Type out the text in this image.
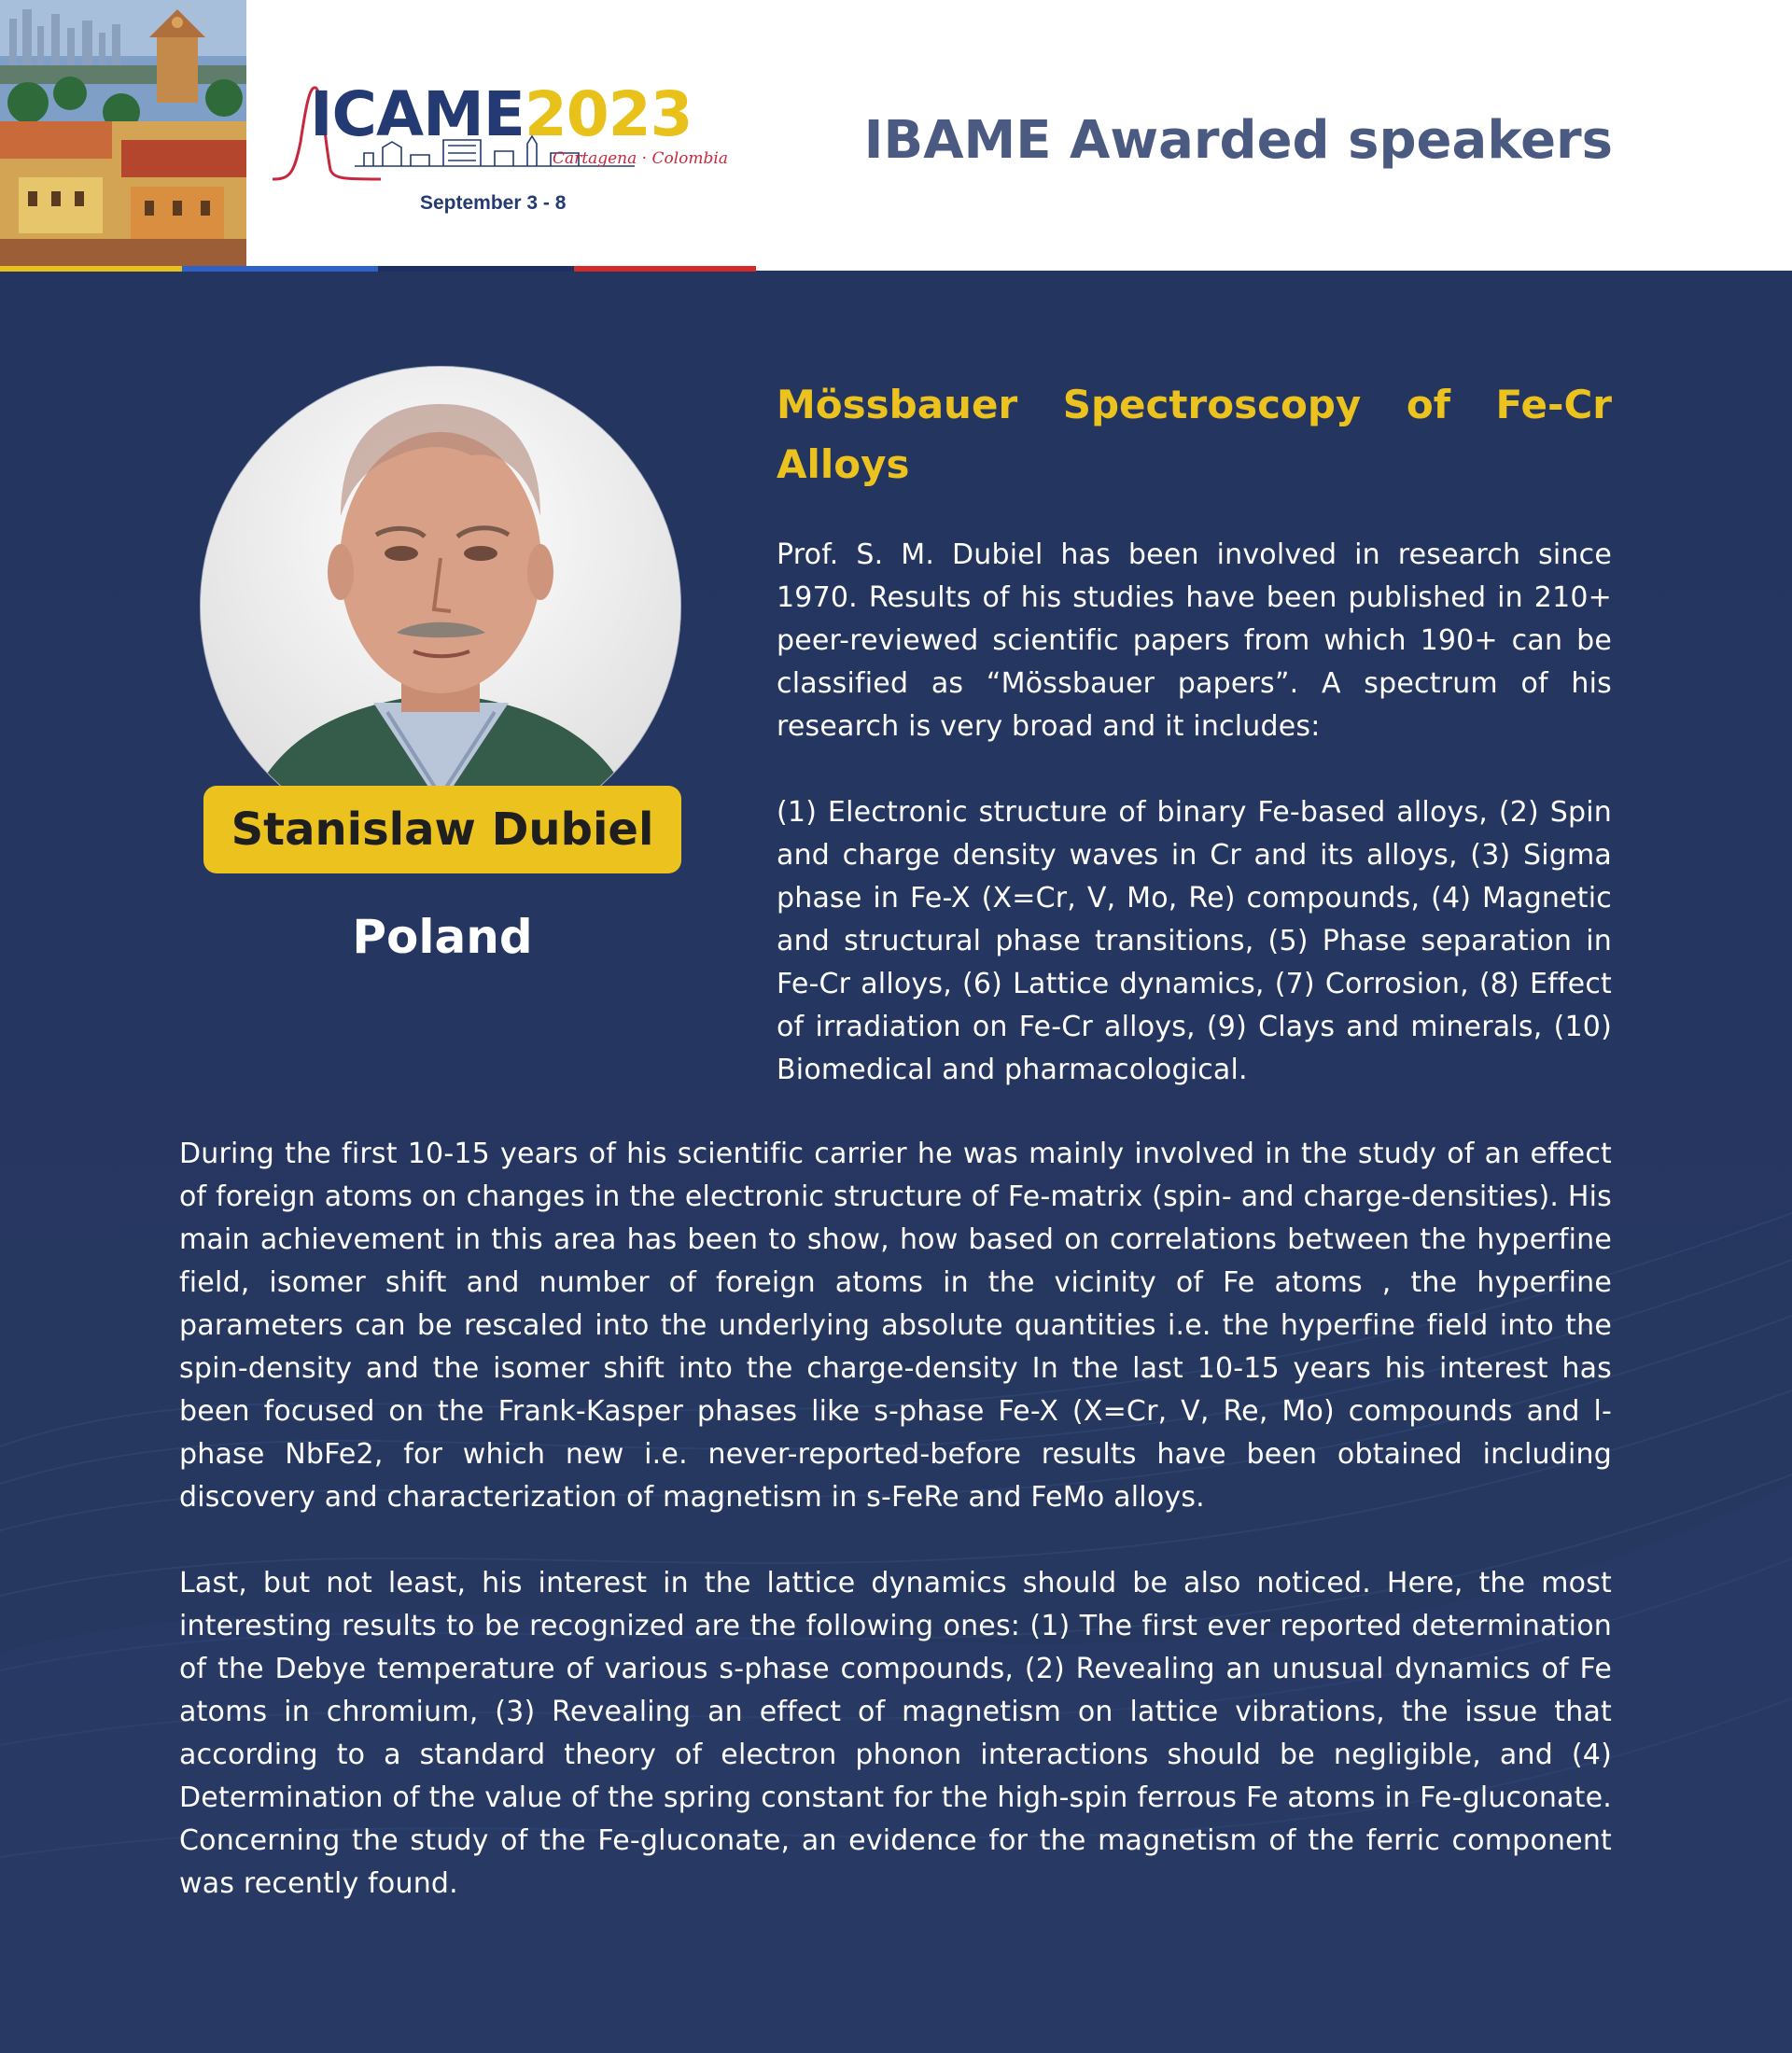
ICAME2023
Cartagena · Colombia
September 3 - 8
IBAME Awarded speakers
Stanislaw Dubiel
Poland
Mössbauer Spectroscopy of Fe-Cr Alloys

Prof. S. M. Dubiel has been involved in research since 1970. Results of his studies have been published in 210+ peer-reviewed scientific papers from which 190+ can be classified as “Mössbauer papers”. A spectrum of his research is very broad and it includes:

(1) Electronic structure of binary Fe-based alloys, (2) Spin and charge density waves in Cr and its alloys, (3) Sigma phase in Fe-X (X=Cr, V, Mo, Re) compounds, (4) Magnetic and structural phase transitions, (5) Phase separation in Fe-Cr alloys, (6) Lattice dynamics, (7) Corrosion, (8) Effect of irradiation on Fe-Cr alloys, (9) Clays and minerals, (10) Biomedical and pharmacological.

During the first 10-15 years of his scientific carrier he was mainly involved in the study of an effect of foreign atoms on changes in the electronic structure of Fe-matrix (spin- and charge-densities). His main achievement in this area has been to show, how based on correlations between the hyperfine field, isomer shift and number of foreign atoms in the vicinity of Fe atoms , the hyperfine parameters can be rescaled into the underlying absolute quantities i.e. the hyperfine field into the spin-density and the isomer shift into the charge-density In the last 10-15 years his interest has been focused on the Frank-Kasper phases like s-phase Fe-X (X=Cr, V, Re, Mo) compounds and l-phase NbFe2, for which new i.e. never-reported-before results have been obtained including discovery and characterization of magnetism in s-FeRe and FeMo alloys.

Last, but not least, his interest in the lattice dynamics should be also noticed. Here, the most interesting results to be recognized are the following ones: (1) The first ever reported determination of the Debye temperature of various s-phase compounds, (2) Revealing an unusual dynamics of Fe atoms in chromium, (3) Revealing an effect of magnetism on lattice vibrations, the issue that according to a standard theory of electron phonon interactions should be negligible, and (4) Determination of the value of the spring constant for the high-spin ferrous Fe atoms in Fe-gluconate. Concerning the study of the Fe-gluconate, an evidence for the magnetism of the ferric component was recently found.
